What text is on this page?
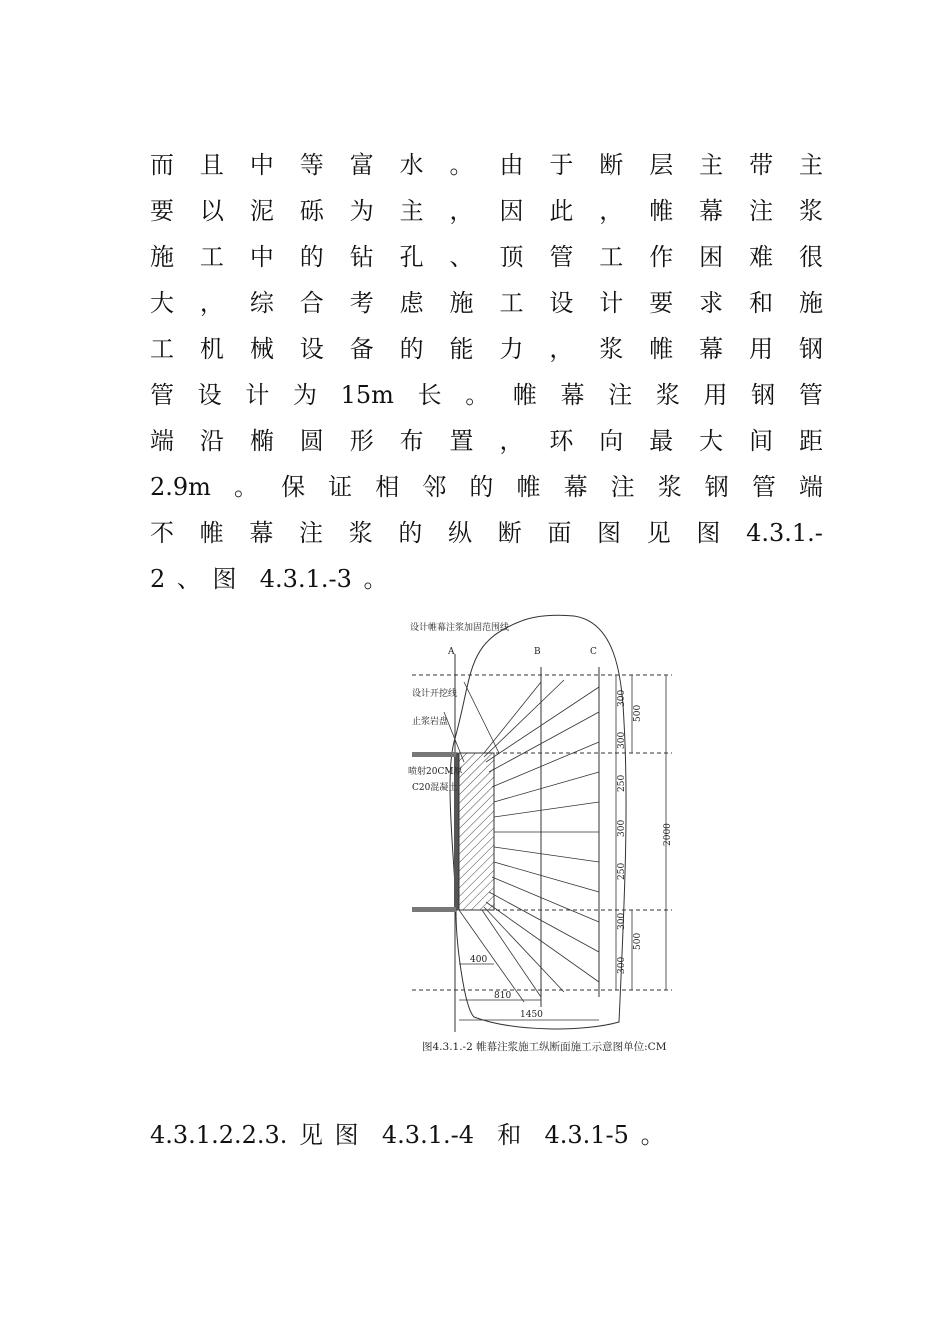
而 且 中 等 富 水 。 由 于 断 层 主 带 主
要 以 泥 砾 为 主 ， 因 此 ， 帷 幕 注 浆
施 工 中 的 钻 孔 、 顶 管 工 作 困 难 很
大 ， 综 合 考 虑 施 工 设 计 要 求 和 施
工 机 械 设 备 的 能 力 ， 浆 帷 幕 用 钢
管 设 计 为 15m 长 。 帷 幕 注 浆 用 钢 管
端 沿 椭 圆 形 布 置 ， 环 向 最 大 间 距
2.9m 。 保 证 相 邻 的 帷 幕 注 浆 钢 管 端
不 帷 幕 注 浆 的 纵 断 面 图 见 图 4.3.1.-
2 、 图  4.3.1.-3 。
设计帷幕注浆加固范围线
A	B	C
设计开挖线
止浆岩盘
喷射20CM厚
C20混凝土
300
500
300
250
300
250
300
500
300
2000
400
810
1450
图4.3.1.-2 帷幕注浆施工纵断面施工示意图单位:CM
4.3.1.2.2.3. 见 图  4.3.1.-4  和  4.3.1-5 。
